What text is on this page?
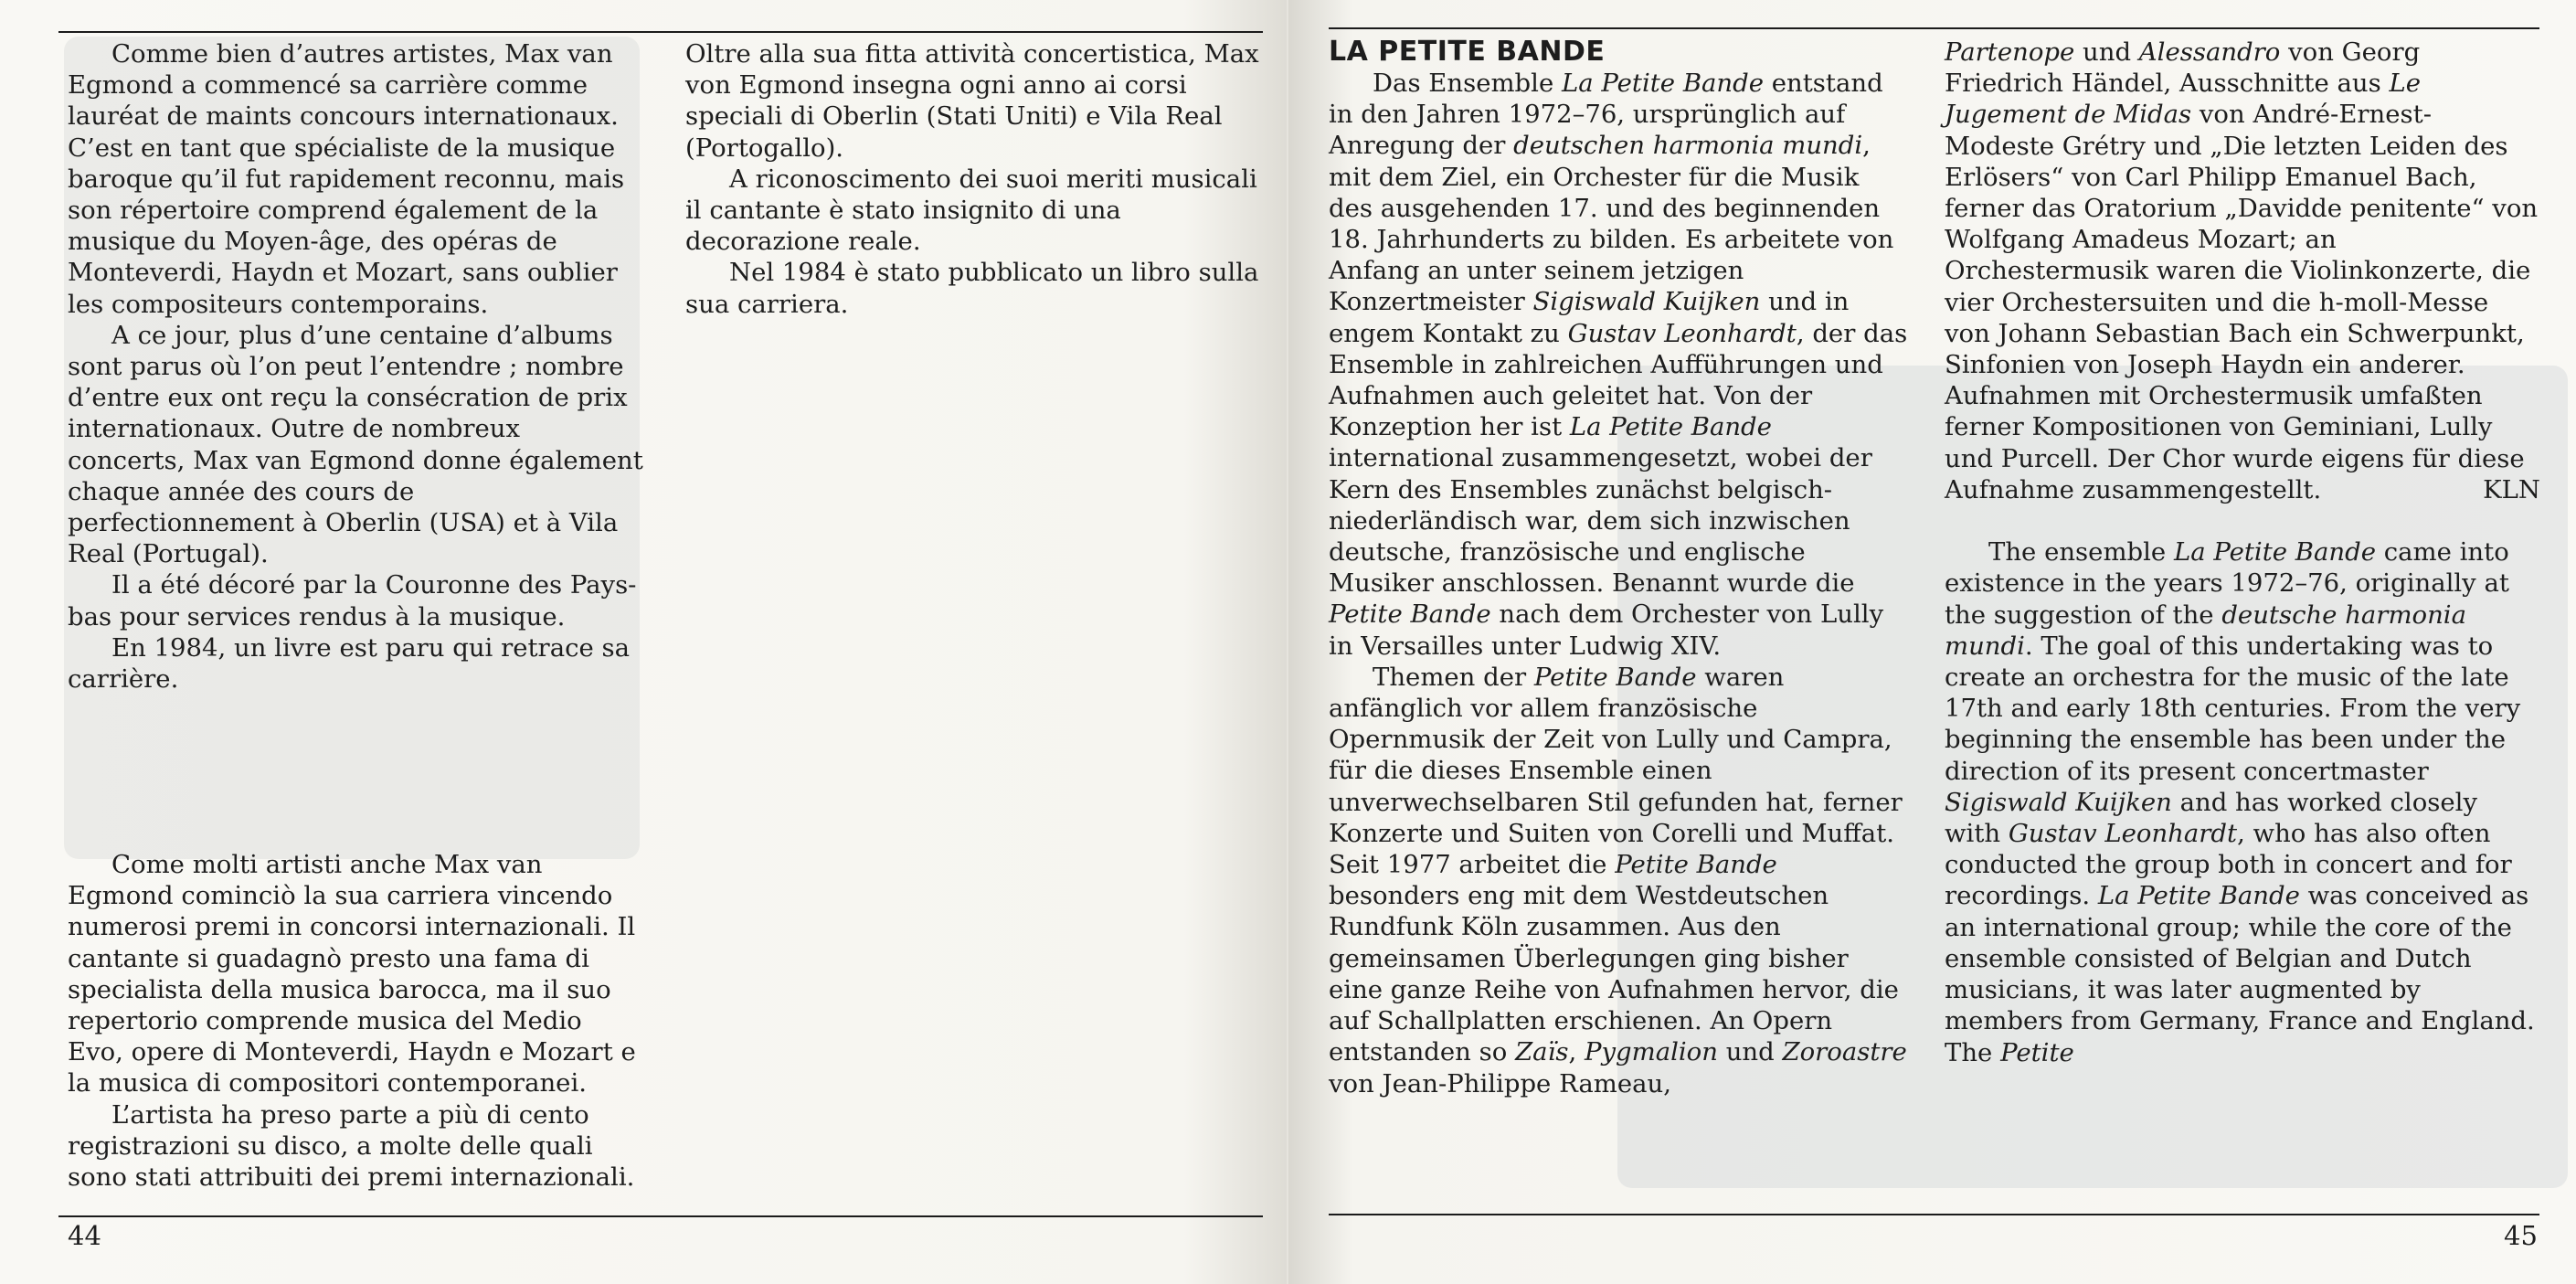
Comme bien d’autres artistes, Max van Egmond a commencé sa carrière comme lauréat de maints concours internationaux. C’est en tant que spécialiste de la musique baroque qu’il fut rapidement reconnu, mais son répertoire comprend également de la musique du Moyen-âge, des opéras de Monteverdi, Haydn et Mozart, sans oublier les compositeurs contemporains.

A ce jour, plus d’une centaine d’albums sont parus où l’on peut l’entendre ; nombre d’entre eux ont reçu la consécration de prix internationaux. Outre de nombreux concerts, Max van Egmond donne également chaque année des cours de perfectionnement à Oberlin (USA) et à Vila Real (Portugal).

Il a été décoré par la Couronne des Pays-bas pour services rendus à la musique.

En 1984, un livre est paru qui retrace sa carrière.

Come molti artisti anche Max van Egmond cominciò la sua carriera vincendo numerosi premi in concorsi internazionali. Il cantante si guadagnò presto una fama di specialista della musica barocca, ma il suo repertorio comprende musica del Medio Evo, opere di Monteverdi, Haydn e Mozart e la musica di compositori contemporanei.

L’artista ha preso parte a più di cento registrazioni su disco, a molte delle quali sono stati attribuiti dei premi internazionali.

Oltre alla sua fitta attività concertistica, Max von Egmond insegna ogni anno ai corsi speciali di Oberlin (Stati Uniti) e Vila Real (Portogallo).

A riconoscimento dei suoi meriti musicali il cantante è stato insignito di una decorazione reale.

Nel 1984 è stato pubblicato un libro sulla sua carriera.

44
LA PETITE BANDE

Das Ensemble La Petite Bande entstand in den Jahren 1972–76, ursprünglich auf Anregung der deutschen harmonia mundi, mit dem Ziel, ein Orchester für die Musik des ausgehenden 17. und des beginnenden 18. Jahrhunderts zu bilden. Es arbeitete von Anfang an unter seinem jetzigen Konzertmeister Sigiswald Kuijken und in engem Kontakt zu Gustav Leonhardt, der das Ensemble in zahlreichen Aufführungen und Aufnahmen auch geleitet hat. Von der Konzeption her ist La Petite Bande international zusammengesetzt, wobei der Kern des Ensembles zunächst belgisch-niederländisch war, dem sich inzwischen deutsche, französische und englische Musiker anschlossen. Benannt wurde die Petite Bande nach dem Orchester von Lully in Versailles unter Ludwig XIV.

Themen der Petite Bande waren anfänglich vor allem französische Opernmusik der Zeit von Lully und Campra, für die dieses Ensemble einen unverwechselbaren Stil gefunden hat, ferner Konzerte und Suiten von Corelli und Muffat. Seit 1977 arbeitet die Petite Bande besonders eng mit dem Westdeutschen Rundfunk Köln zusammen. Aus den gemeinsamen Überlegungen ging bisher eine ganze Reihe von Aufnahmen hervor, die auf Schallplatten erschienen. An Opern entstanden so Zaïs, Pygmalion und Zoroastre von Jean-Philippe Rameau,

Partenope und Alessandro von Georg Friedrich Händel, Ausschnitte aus Le Jugement de Midas von André-Ernest-Modeste Grétry und „Die letzten Leiden des Erlösers“ von Carl Philipp Emanuel Bach, ferner das Oratorium „Davidde penitente“ von Wolfgang Amadeus Mozart; an Orchestermusik waren die Violinkonzerte, die vier Orchestersuiten und die h-moll-Messe von Johann Sebastian Bach ein Schwerpunkt, Sinfonien von Joseph Haydn ein anderer. Aufnahmen mit Orchestermusik umfaßten ferner Kompositionen von Geminiani, Lully und Purcell. Der Chor wurde eigens für diese Aufnahme zusammengestellt.	KLN

The ensemble La Petite Bande came into existence in the years 1972–76, originally at the suggestion of the deutsche harmonia mundi. The goal of this undertaking was to create an orchestra for the music of the late 17th and early 18th centuries. From the very beginning the ensemble has been under the direction of its present concertmaster Sigiswald Kuijken and has worked closely with Gustav Leonhardt, who has also often conducted the group both in concert and for recordings. La Petite Bande was conceived as an international group; while the core of the ensemble consisted of Belgian and Dutch musicians, it was later augmented by members from Germany, France and England. The Petite

45
